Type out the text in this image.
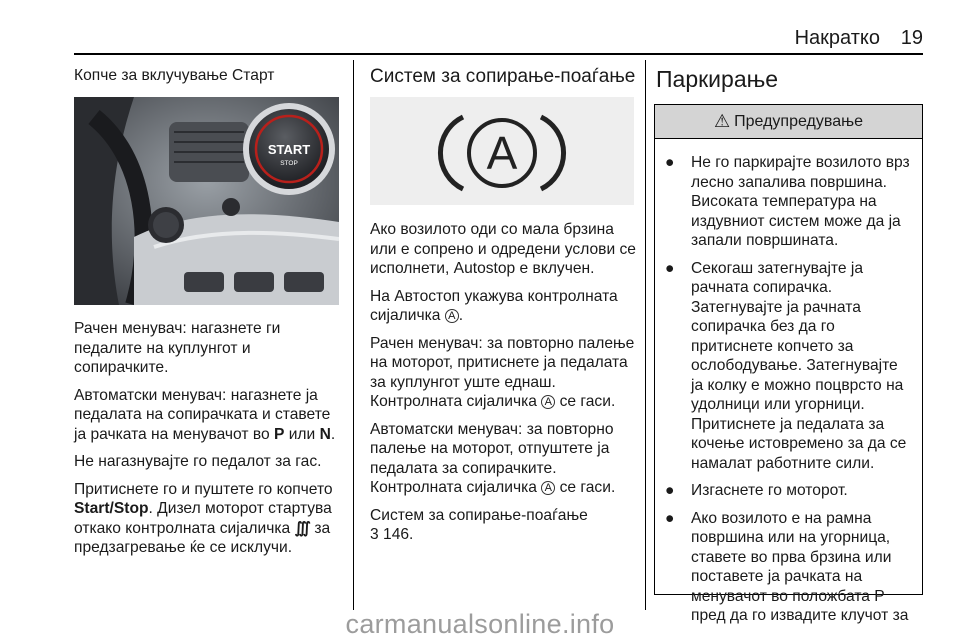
Накратко 19
Копче за вклучување Старт
START
STOP

Рачен менувач: нагазнете ги педалите на куплунгот и сопирачките.

Автоматски менувач: нагазнете ја педалата на сопирачката и ставете ја рачката на менувачот во P или N.

Не нагазнувајте го педалот за гас.

Притиснете го и пуштете го копчето Start/Stop. Дизел моторот стартува откако контролната сијаличка ∭ за предзагревање ќе се исклучи.

Систем за сопирање-поаѓање
A

Ако возилото оди со мала брзина или е сопрено и одредени услови се исполнети, Autostop е вклучен.

На Автостоп укажува контролната сијаличка A .

Рачен менувач: за повторно палење на моторот, притиснете ја педалата за куплунгот уште еднаш. Контролната сијаличка A се гаси.

Автоматски менувач: за повторно палење на моторот, отпуштете ја педалата за сопирачките. Контролната сијаличка A се гаси.

Систем за сопирање-поаѓање
3 146.

Паркирање
⚠ Предупредување
●	Не го паркирајте возилото врз лесно запалива површина. Високата температура на издувниот систем може да ја запали површината.
●	Секогаш затегнувајте ја рачната сопирачка. Затегнувајте ја рачната сопирачка без да го притиснете копчето за ослободување. Затегнувајте ја колку е можно поцврсто на удолници или угорници. Притиснете ја педалата за кочење истовремено за да се намалат работните сили.
●	Изгаснете го моторот.
●	Ако возилото е на рамна површина или на угорница, ставете во прва брзина или поставете ја рачката на менувачот во положбата P пред да го извадите клучот за
carmanualsonline.info
